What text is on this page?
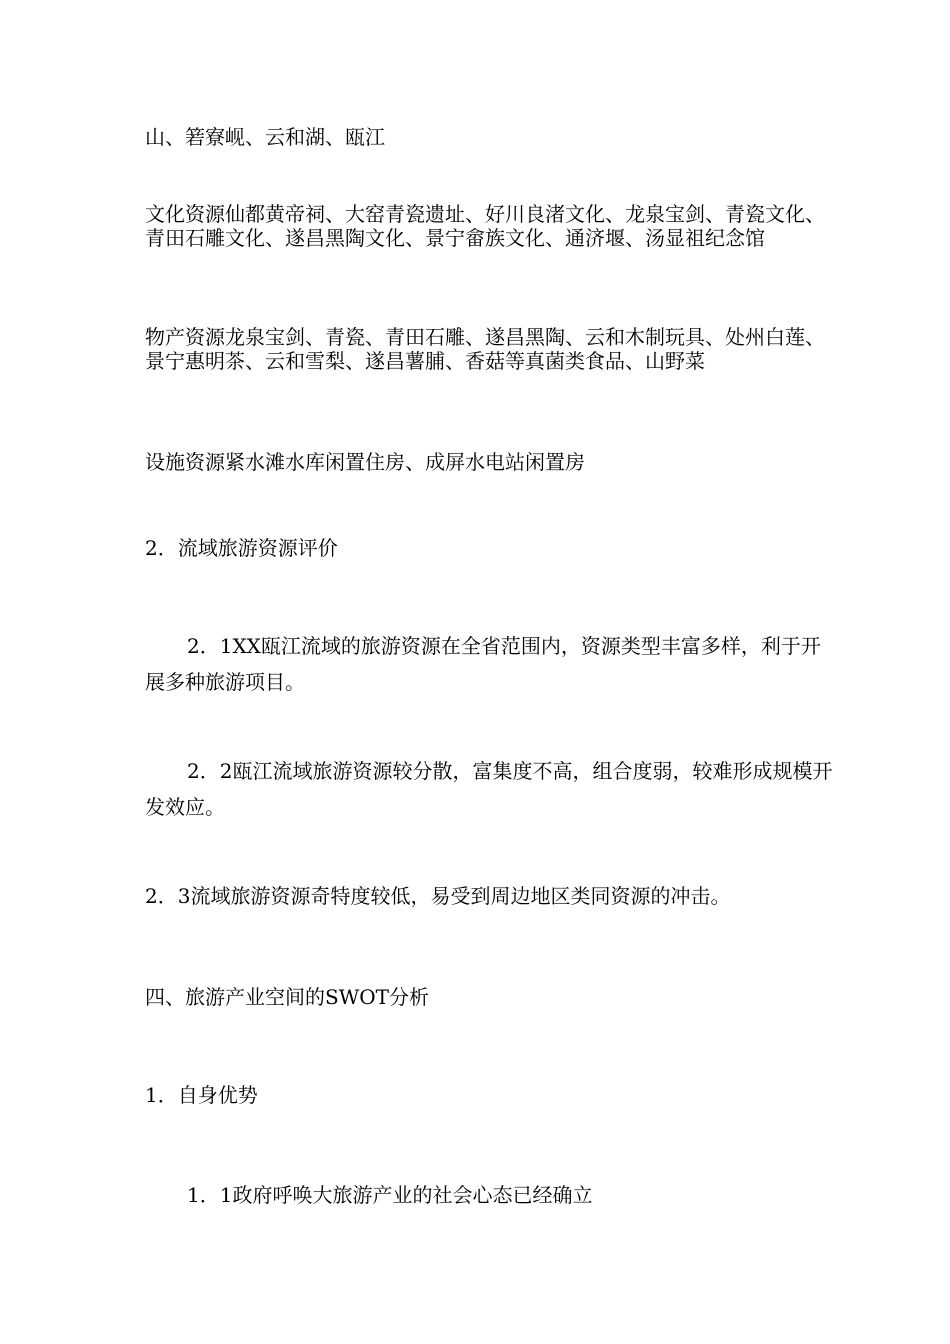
山、箬寮岘、云和湖、瓯江

文化资源仙都黄帝祠、大窑青瓷遗址、好川良渚文化、龙泉宝剑、青瓷文化、青田石雕文化、遂昌黑陶文化、景宁畲族文化、通济堰、汤显祖纪念馆

物产资源龙泉宝剑、青瓷、青田石雕、遂昌黑陶、云和木制玩具、处州白莲、景宁惠明茶、云和雪梨、遂昌薯脯、香菇等真菌类食品、山野菜

设施资源紧水滩水库闲置住房、成屏水电站闲置房

2．流域旅游资源评价

2．1XX瓯江流域的旅游资源在全省范围内，资源类型丰富多样，利于开展多种旅游项目。

2．2瓯江流域旅游资源较分散，富集度不高，组合度弱，较难形成规模开发效应。

2．3流域旅游资源奇特度较低，易受到周边地区类同资源的冲击。

四、旅游产业空间的SWOT分析

1．自身优势

1．1政府呼唤大旅游产业的社会心态已经确立
